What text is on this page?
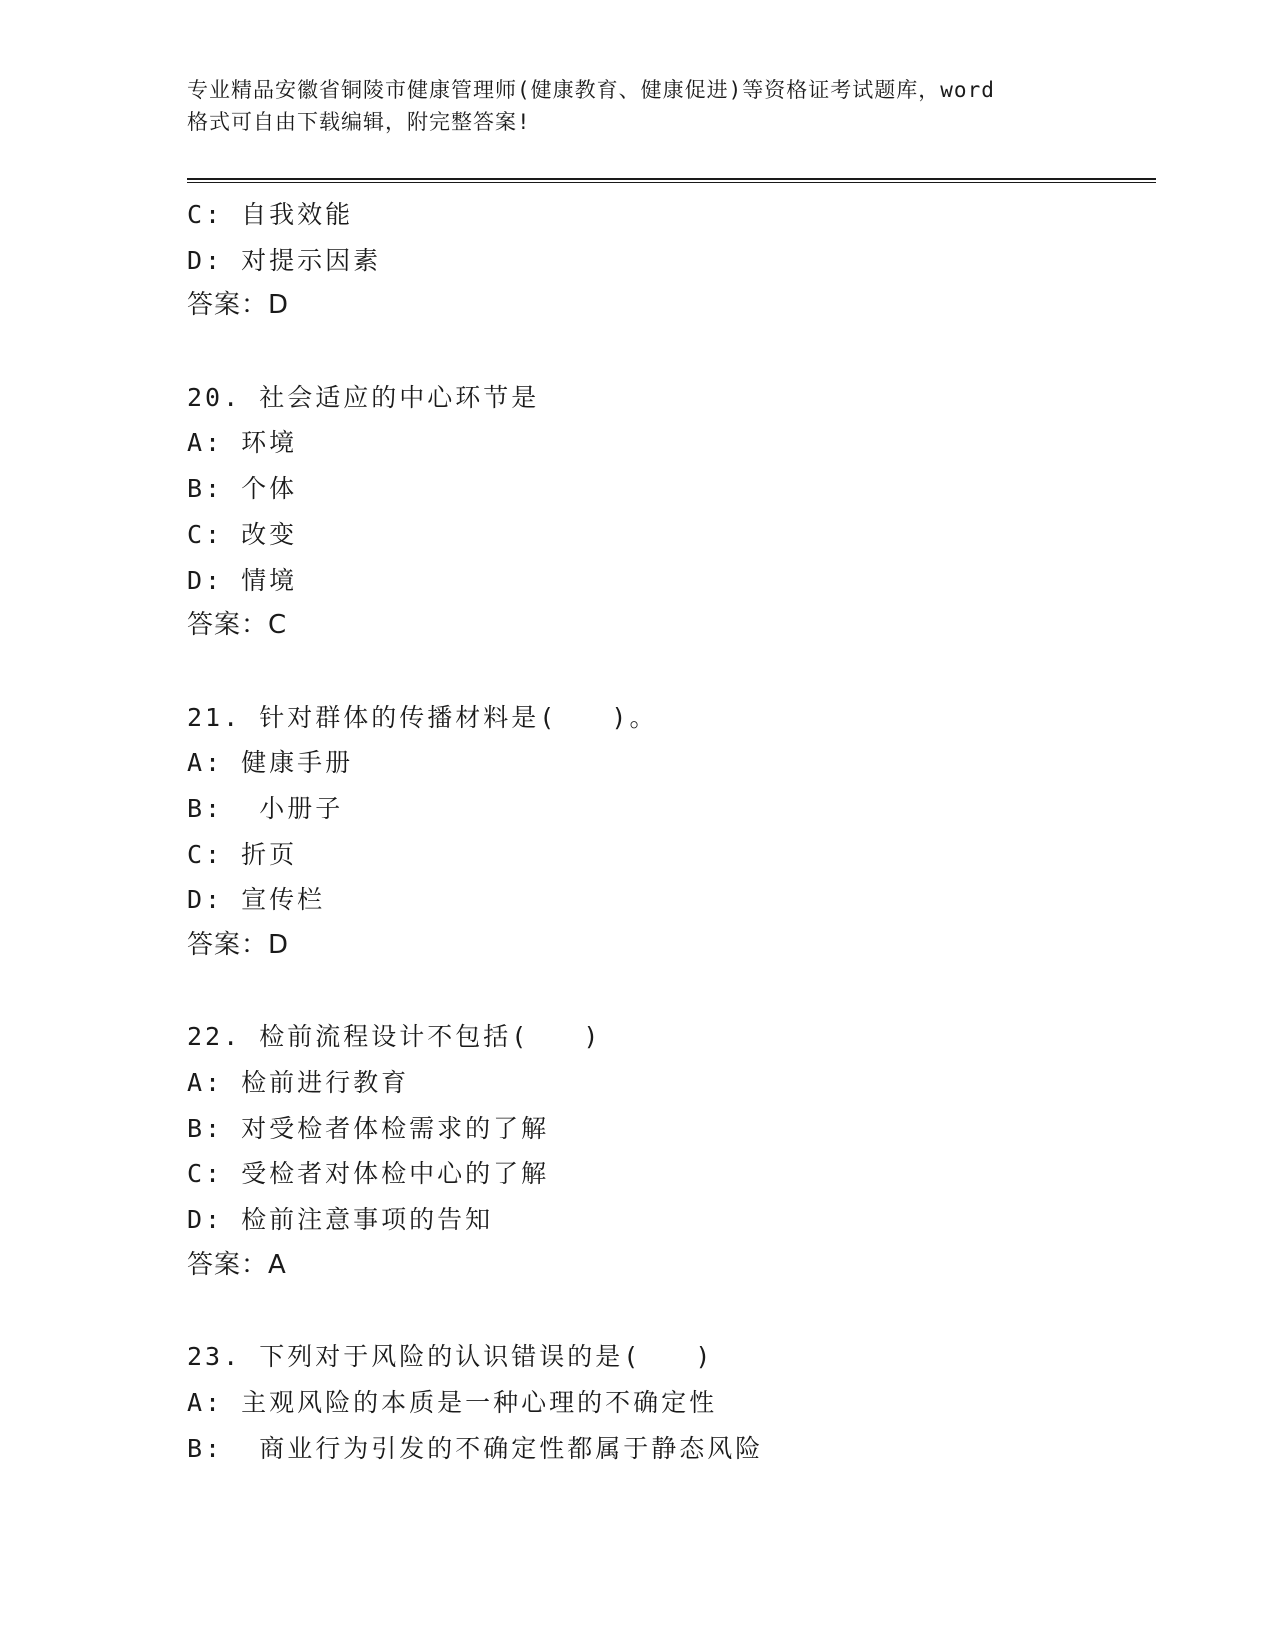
专业精品安徽省铜陵市健康管理师(健康教育、健康促进)等资格证考试题库，word
格式可自由下载编辑，附完整答案!
C: 自我效能
D: 对提示因素
答案：D
20. 社会适应的中心环节是
A: 环境
B: 个体
C: 改变
D: 情境
答案：C
21. 针对群体的传播材料是(   )。
A: 健康手册
B:  小册子
C: 折页
D: 宣传栏
答案：D
22. 检前流程设计不包括(   )
A: 检前进行教育
B: 对受检者体检需求的了解
C: 受检者对体检中心的了解
D: 检前注意事项的告知
答案：A
23. 下列对于风险的认识错误的是(   )
A: 主观风险的本质是一种心理的不确定性
B:  商业行为引发的不确定性都属于静态风险
